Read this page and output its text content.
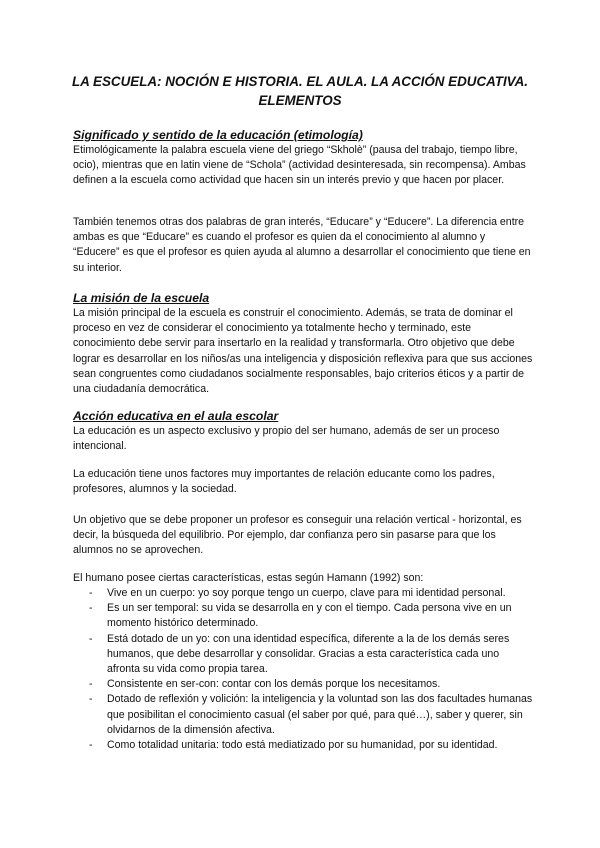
LA ESCUELA: NOCIÓN E HISTORIA. EL AULA. LA ACCIÓN EDUCATIVA. ELEMENTOS
Significado y sentido de la educación (etimología)

Etimológicamente la palabra escuela viene del griego “Skholè” (pausa del trabajo, tiempo libre, ocio), mientras que en latin viene de “Schola” (actividad desinteresada, sin recompensa). Ambas definen a la escuela como actividad que hacen sin un interés previo y que hacen por placer.

También tenemos otras dos palabras de gran interés, “Educare” y “Educere”. La diferencia entre ambas es que “Educare” es cuando el profesor es quien da el conocimiento al alumno y “Educere” es que el profesor es quien ayuda al alumno a desarrollar el conocimiento que tiene en su interior.

La misión de la escuela

La misión principal de la escuela es construir el conocimiento. Además, se trata de dominar el proceso en vez de considerar el conocimiento ya totalmente hecho y terminado, este conocimiento debe servir para insertarlo en la realidad y transformarla. Otro objetivo que debe lograr es desarrollar en los niños/as una inteligencia y disposición reflexiva para que sus acciones sean congruentes como ciudadanos socialmente responsables, bajo criterios éticos y a partir de una ciudadanía democrática.

Acción educativa en el aula escolar

La educación es un aspecto exclusivo y propio del ser humano, además de ser un proceso intencional.

La educación tiene unos factores muy importantes de relación educante como los padres, profesores, alumnos y la sociedad.

Un objetivo que se debe proponer un profesor es conseguir una relación vertical - horizontal, es decir, la búsqueda del equilibrio. Por ejemplo, dar confianza pero sin pasarse para que los alumnos no se aprovechen.

El humano posee ciertas características, estas según Hamann (1992) son:

- Vive en un cuerpo: yo soy porque tengo un cuerpo, clave para mi identidad personal.
- Es un ser temporal: su vida se desarrolla en y con el tiempo. Cada persona vive en un momento histórico determinado.
- Está dotado de un yo: con una identidad específica, diferente a la de los demás seres humanos, que debe desarrollar y consolidar. Gracias a esta característica cada uno afronta su vida como propia tarea.
- Consistente en ser-con: contar con los demás porque los necesitamos.
- Dotado de reflexión y volición: la inteligencia y la voluntad son las dos facultades humanas que posibilitan el conocimiento casual (el saber por qué, para qué…), saber y querer, sin olvidarnos de la dimensión afectiva.
- Como totalidad unitaria: todo está mediatizado por su humanidad, por su identidad.
